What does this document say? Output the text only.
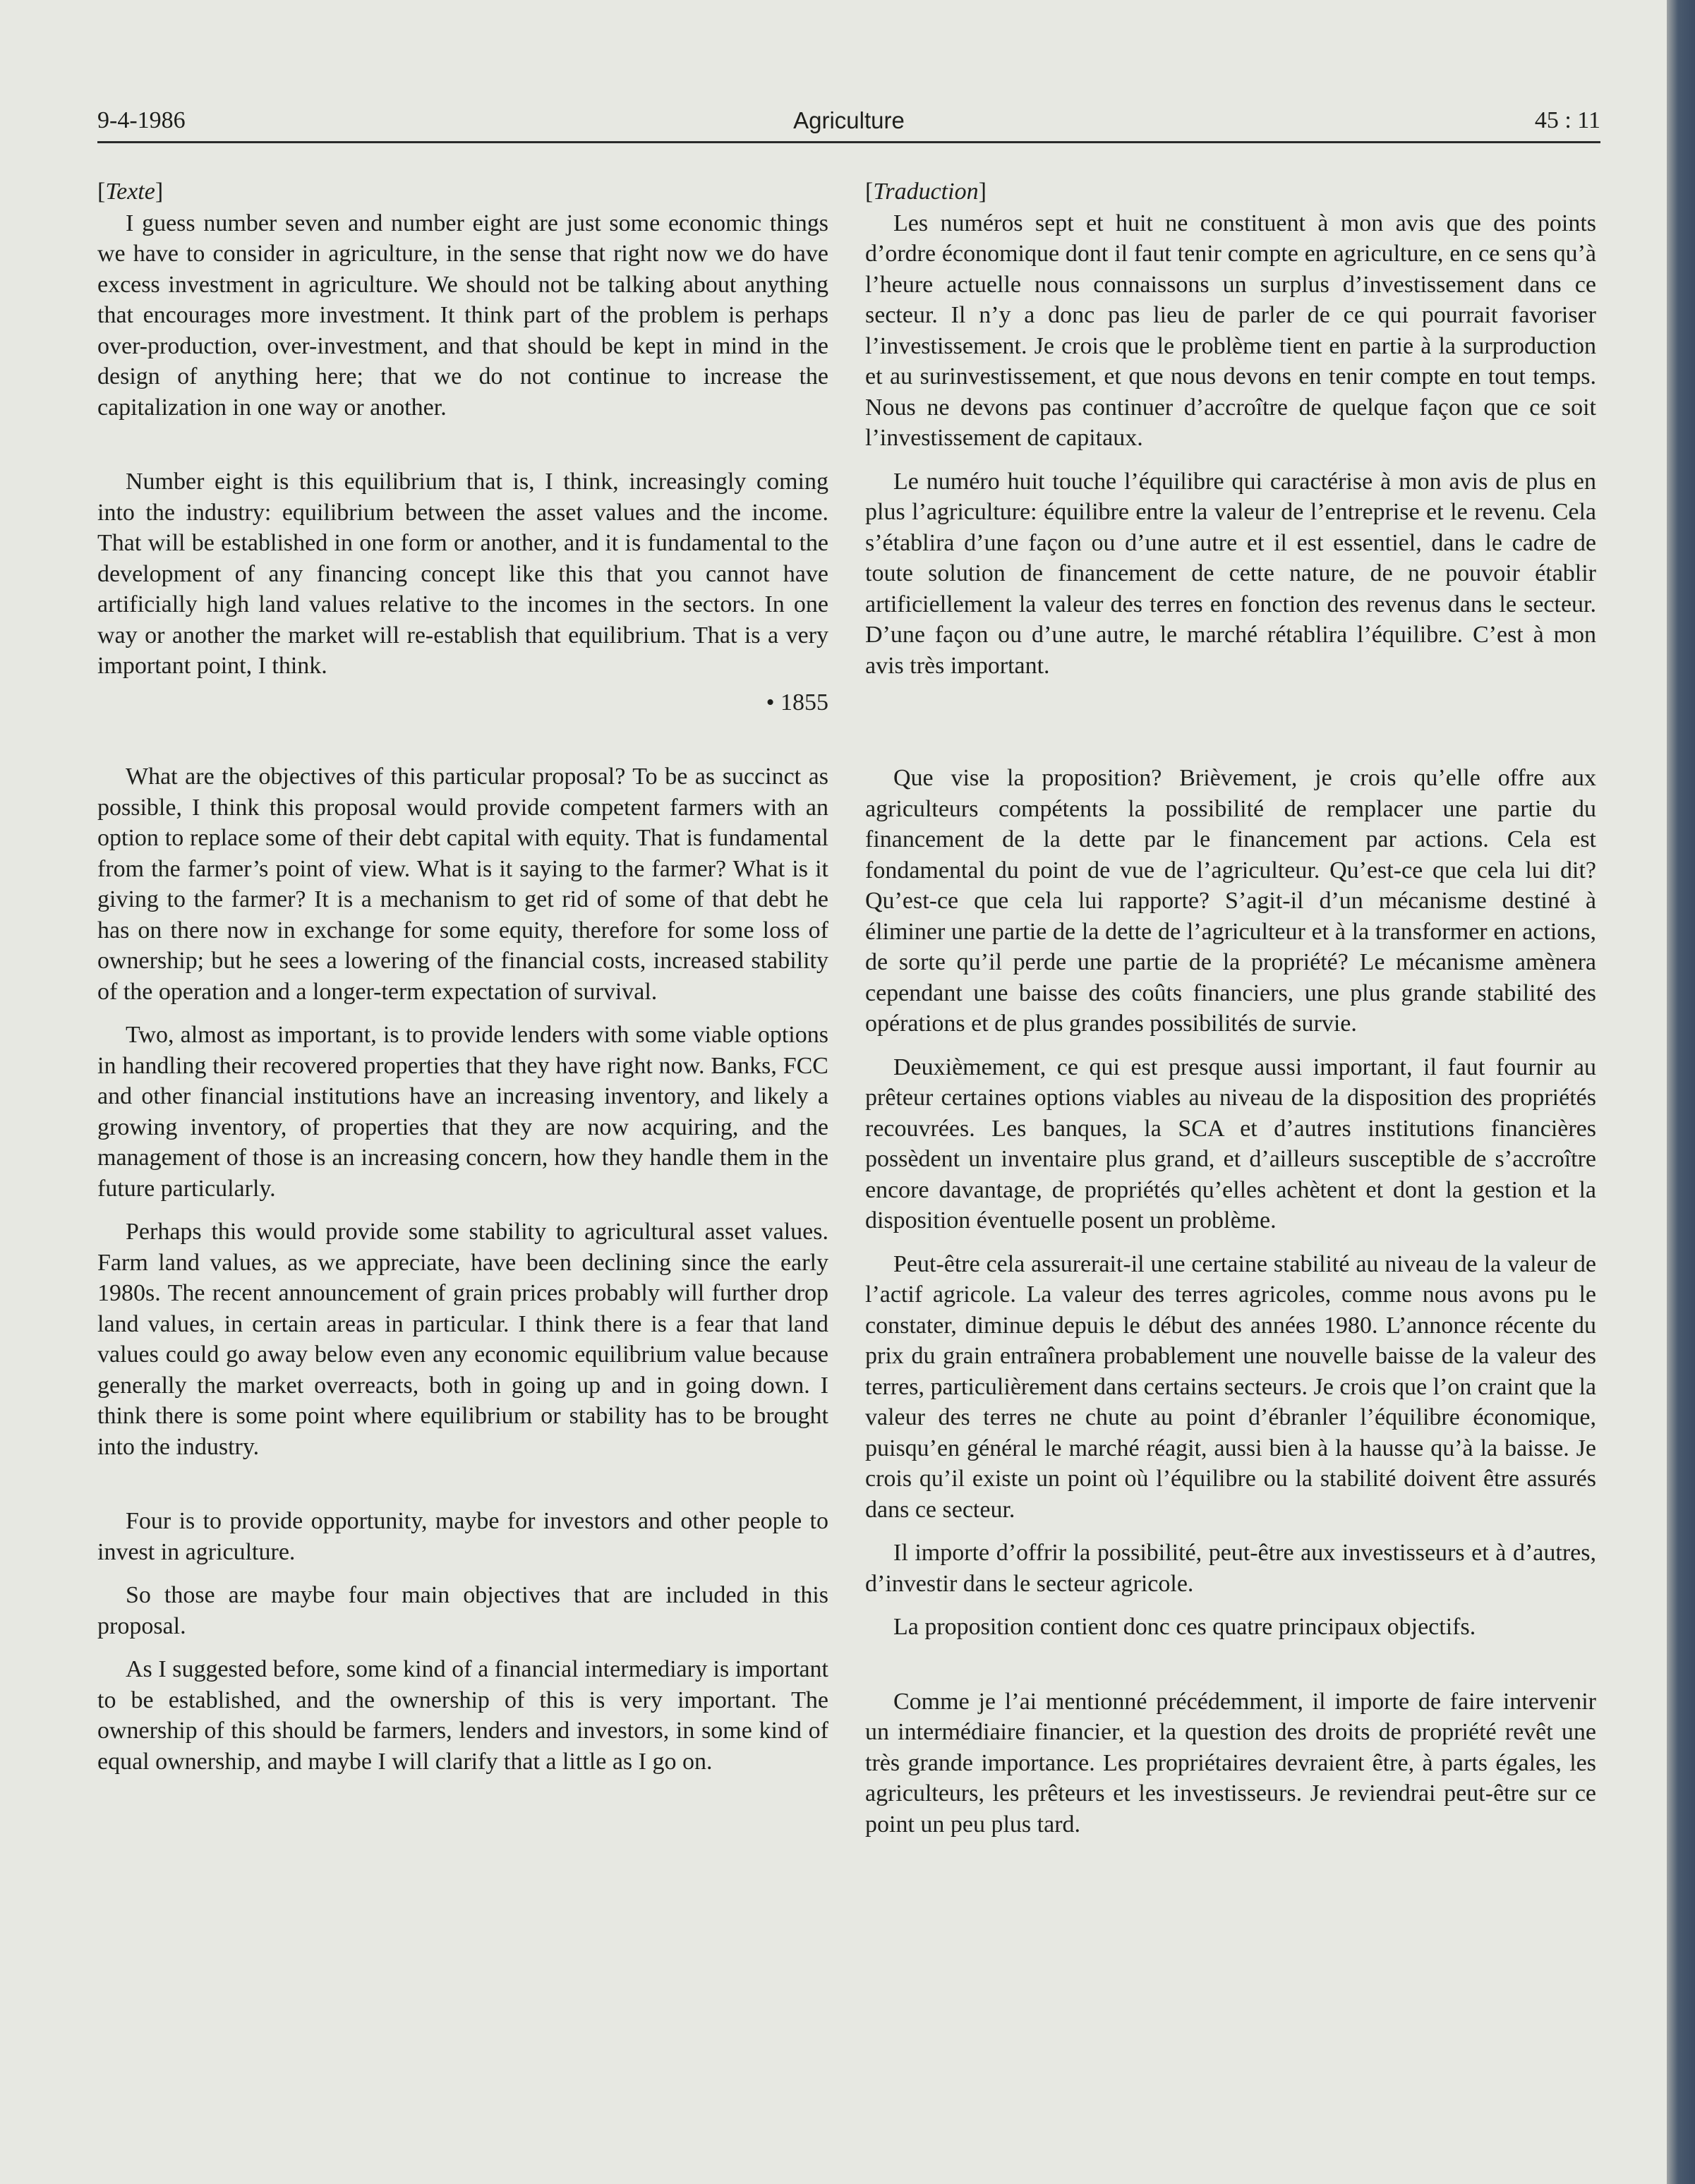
9-4-1986	Agriculture	45 : 11
[Texte]

I guess number seven and number eight are just some economic things we have to consider in agriculture, in the sense that right now we do have excess investment in agriculture. We should not be talking about anything that encourages more investment. It think part of the problem is perhaps over-production, over-investment, and that should be kept in mind in the design of anything here; that we do not continue to increase the capitalization in one way or another.

Number eight is this equilibrium that is, I think, increasingly coming into the industry: equilibrium between the asset values and the income. That will be established in one form or another, and it is fundamental to the development of any financing concept like this that you cannot have artificially high land values relative to the incomes in the sectors. In one way or another the market will re-establish that equilibrium. That is a very important point, I think.

• 1855

What are the objectives of this particular proposal? To be as succinct as possible, I think this proposal would provide competent farmers with an option to replace some of their debt capital with equity. That is fundamental from the farmer’s point of view. What is it saying to the farmer? What is it giving to the farmer? It is a mechanism to get rid of some of that debt he has on there now in exchange for some equity, therefore for some loss of ownership; but he sees a lowering of the financial costs, increased stability of the operation and a longer-term expectation of survival.

Two, almost as important, is to provide lenders with some viable options in handling their recovered properties that they have right now. Banks, FCC and other financial institutions have an increasing inventory, and likely a growing inventory, of properties that they are now acquiring, and the management of those is an increasing concern, how they handle them in the future particularly.

Perhaps this would provide some stability to agricultural asset values. Farm land values, as we appreciate, have been declining since the early 1980s. The recent announcement of grain prices probably will further drop land values, in certain areas in particular. I think there is a fear that land values could go away below even any economic equilibrium value because generally the market overreacts, both in going up and in going down. I think there is some point where equilibrium or stability has to be brought into the industry.

Four is to provide opportunity, maybe for investors and other people to invest in agriculture.

So those are maybe four main objectives that are included in this proposal.

As I suggested before, some kind of a financial intermediary is important to be established, and the ownership of this is very important. The ownership of this should be farmers, lenders and investors, in some kind of equal ownership, and maybe I will clarify that a little as I go on.

[Traduction]

Les numéros sept et huit ne constituent à mon avis que des points d’ordre économique dont il faut tenir compte en agriculture, en ce sens qu’à l’heure actuelle nous connaissons un surplus d’investissement dans ce secteur. Il n’y a donc pas lieu de parler de ce qui pourrait favoriser l’investissement. Je crois que le problème tient en partie à la surproduction et au surinvestissement, et que nous devons en tenir compte en tout temps. Nous ne devons pas continuer d’accroître de quelque façon que ce soit l’investissement de capitaux.

Le numéro huit touche l’équilibre qui caractérise à mon avis de plus en plus l’agriculture: équilibre entre la valeur de l’entreprise et le revenu. Cela s’établira d’une façon ou d’une autre et il est essentiel, dans le cadre de toute solution de financement de cette nature, de ne pouvoir établir artificiellement la valeur des terres en fonction des revenus dans le secteur. D’une façon ou d’une autre, le marché rétablira l’équilibre. C’est à mon avis très important.

Que vise la proposition? Brièvement, je crois qu’elle offre aux agriculteurs compétents la possibilité de remplacer une partie du financement de la dette par le financement par actions. Cela est fondamental du point de vue de l’agriculteur. Qu’est-ce que cela lui dit? Qu’est-ce que cela lui rapporte? S’agit-il d’un mécanisme destiné à éliminer une partie de la dette de l’agriculteur et à la transformer en actions, de sorte qu’il perde une partie de la propriété? Le mécanisme amènera cependant une baisse des coûts financiers, une plus grande stabilité des opérations et de plus grandes possibilités de survie.

Deuxièmement, ce qui est presque aussi important, il faut fournir au prêteur certaines options viables au niveau de la disposition des propriétés recouvrées. Les banques, la SCA et d’autres institutions financières possèdent un inventaire plus grand, et d’ailleurs susceptible de s’accroître encore davantage, de propriétés qu’elles achètent et dont la gestion et la disposition éventuelle posent un problème.

Peut-être cela assurerait-il une certaine stabilité au niveau de la valeur de l’actif agricole. La valeur des terres agricoles, comme nous avons pu le constater, diminue depuis le début des années 1980. L’annonce récente du prix du grain entraînera probablement une nouvelle baisse de la valeur des terres, particulièrement dans certains secteurs. Je crois que l’on craint que la valeur des terres ne chute au point d’ébranler l’équilibre économique, puisqu’en général le marché réagit, aussi bien à la hausse qu’à la baisse. Je crois qu’il existe un point où l’équilibre ou la stabilité doivent être assurés dans ce secteur.

Il importe d’offrir la possibilité, peut-être aux investisseurs et à d’autres, d’investir dans le secteur agricole.

La proposition contient donc ces quatre principaux objectifs.

Comme je l’ai mentionné précédemment, il importe de faire intervenir un intermédiaire financier, et la question des droits de propriété revêt une très grande importance. Les propriétaires devraient être, à parts égales, les agriculteurs, les prêteurs et les investisseurs. Je reviendrai peut-être sur ce point un peu plus tard.
